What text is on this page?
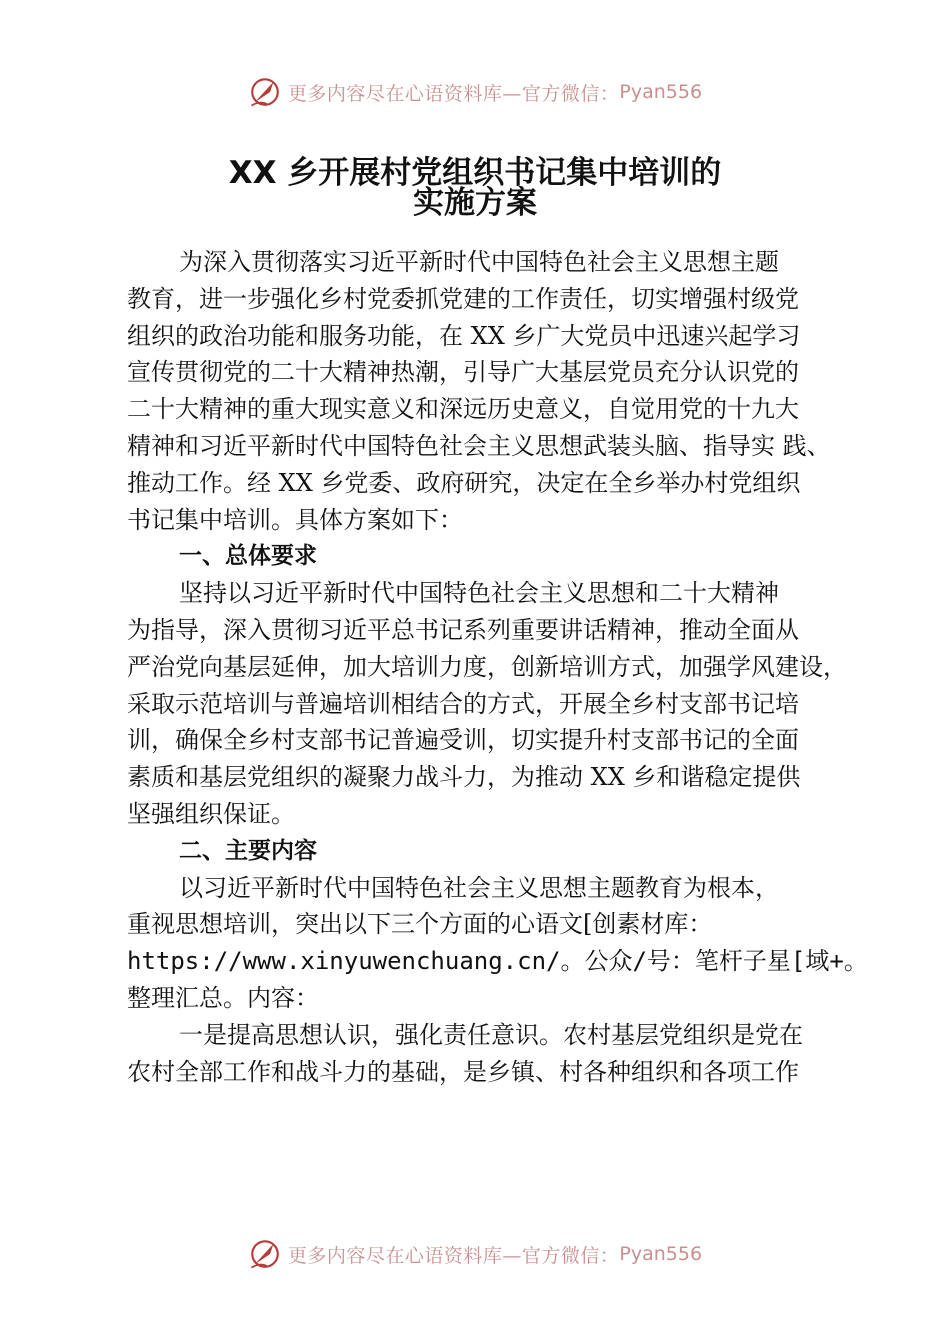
更多内容尽在心语资料库—官方微信： Pyan556
XX 乡开展村党组织书记集中培训的
实施方案
为深入贯彻落实习近平新时代中国特色社会主义思想主题
教育，进一步强化乡村党委抓党建的工作责任，切实增强村级党
组织的政治功能和服务功能，在 XX 乡广大党员中迅速兴起学习
宣传贯彻党的二十大精神热潮，引导广大基层党员充分认识党的
二十大精神的重大现实意义和深远历史意义，自觉用党的十九大
精神和习近平新时代中国特色社会主义思想武装头脑、指导实 践、
推动工作。经 XX 乡党委、政府研究，决定在全乡举办村党组织
书记集中培训。具体方案如下：
一、总体要求
坚持以习近平新时代中国特色社会主义思想和二十大精神
为指导，深入贯彻习近平总书记系列重要讲话精神，推动全面从
严治党向基层延伸，加大培训力度，创新培训方式，加强学风建设，
采取示范培训与普遍培训相结合的方式，开展全乡村支部书记培
训，确保全乡村支部书记普遍受训，切实提升村支部书记的全面
素质和基层党组织的凝聚力战斗力，为推动 XX 乡和谐稳定提供
坚强组织保证。
二、主要内容
以习近平新时代中国特色社会主义思想主题教育为根本，
重视思想培训，突出以下三个方面的心语文[创素材库：
https://www.xinyuwenchuang.cn/。公众/号：笔杆子星[域+。
整理汇总。内容：
一是提高思想认识，强化责任意识。农村基层党组织是党在
农村全部工作和战斗力的基础，是乡镇、村各种组织和各项工作
更多内容尽在心语资料库—官方微信： Pyan556
